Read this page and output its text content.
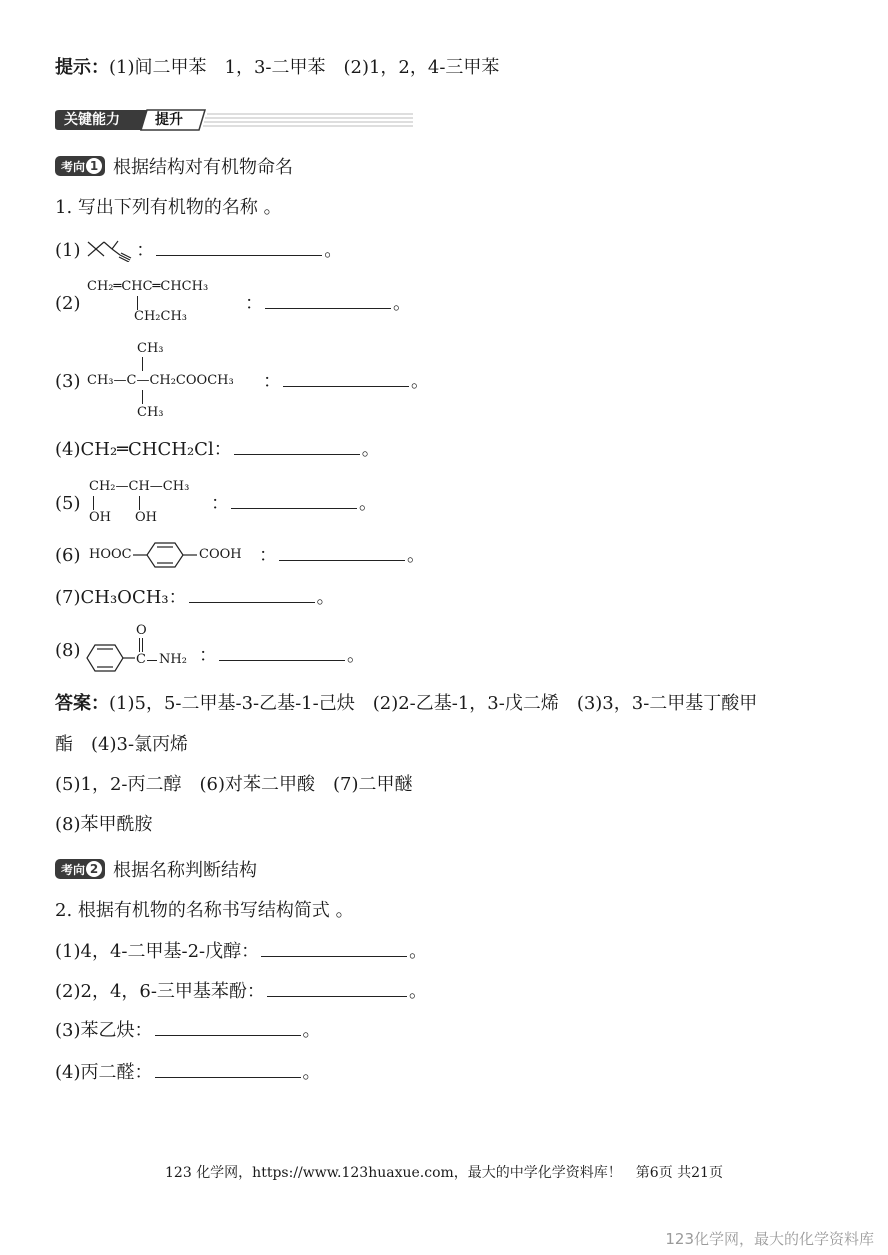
提示：(1)间二甲苯　1，3-二甲苯　(2)1，2，4-三甲苯
关键能力	提升
考向 1 根据结构对有机物命名
1. 写出下列有机物的名称 。
(1)	：	。
(2)
CH₂═CHC═CHCH₃
CH₂CH₃
：	。
CH₃
(3) CH₃—C—CH₂COOCH₃
CH₃
：	。
(4)CH₂═CHCH₂Cl：	。
(5)
CH₂—CH—CH₃
OH OH
：	。
(6) HOOC	COOH ：	。
(7)CH₃OCH₃：	。
(8)
O
C NH₂ ：	。
答案：(1)5，5-二甲基-3-乙基-1-己炔　(2)2-乙基-1，3-戊二烯　(3)3，3-二甲基丁酸甲
酯　(4)3-氯丙烯
(5)1，2-丙二醇　(6)对苯二甲酸　(7)二甲醚
(8)苯甲酰胺
考向 2 根据名称判断结构
2. 根据有机物的名称书写结构简式 。
(1)4，4-二甲基-2-戊醇：	。
(2)2，4，6-三甲基苯酚：	。
(3)苯乙炔：	。
(4)丙二醛：	。
123 化学网，https://www.123huaxue.com，最大的中学化学资料库！　第6页 共21页
123化学网，最大的化学资料库
